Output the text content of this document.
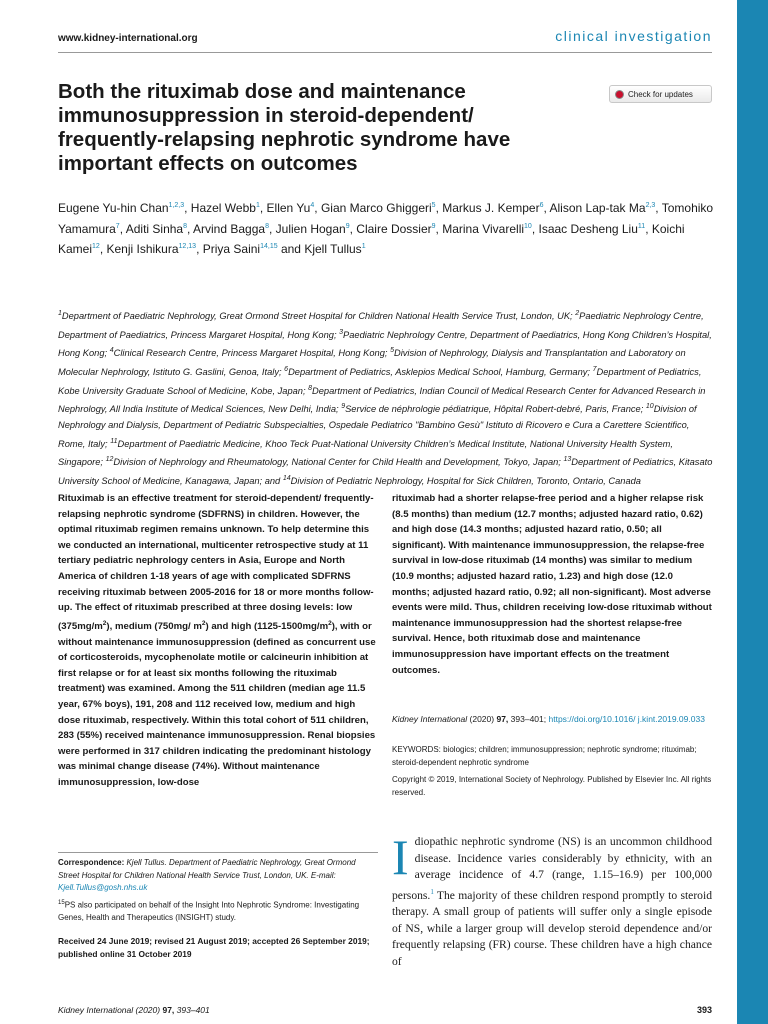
www.kidney-international.org	clinical investigation
Both the rituximab dose and maintenance immunosuppression in steroid-dependent/ frequently-relapsing nephrotic syndrome have important effects on outcomes
Check for updates

Eugene Yu-hin Chan$^{1,2,3}$, Hazel Webb$^1$, Ellen Yu$^4$, Gian Marco Ghiggeri$^5$, Markus J. Kemper$^6$, Alison Lap-tak Ma$^{2,3}$, Tomohiko Yamamura$^7$, Aditi Sinha$^8$, Arvind Bagga$^8$, Julien Hogan$^9$, Claire Dossier$^9$, Marina Vivarelli$^{10}$, Isaac Desheng Liu$^{11}$, Koichi Kamei$^{12}$, Kenji Ishikura$^{12,13}$, Priya Saini$^{14,15}$ and Kjell Tullus$^1$

$^1$Department of Paediatric Nephrology, Great Ormond Street Hospital for Children National Health Service Trust, London, UK; $^2$Paediatric Nephrology Centre, Department of Paediatrics, Princess Margaret Hospital, Hong Kong; $^3$Paediatric Nephrology Centre, Department of Paediatrics, Hong Kong Children’s Hospital, Hong Kong; $^4$Clinical Research Centre, Princess Margaret Hospital, Hong Kong; $^5$Division of Nephrology, Dialysis and Transplantation and Laboratory on Molecular Nephrology, Istituto G. Gaslini, Genoa, Italy; $^6$Department of Pediatrics, Asklepios Medical School, Hamburg, Germany; $^7$Department of Pediatrics, Kobe University Graduate School of Medicine, Kobe, Japan; $^8$Department of Pediatrics, Indian Council of Medical Research Center for Advanced Research in Nephrology, All India Institute of Medical Sciences, New Delhi, India; $^9$Service de néphrologie pédiatrique, Hôpital Robert-debré, Paris, France; $^{10}$Division of Nephrology and Dialysis, Department of Pediatric Subspecialties, Ospedale Pediatrico "Bambino Gesù" Istituto di Ricovero e Cura a Carettere Scientifico, Rome, Italy; $^{11}$Department of Paediatric Medicine, Khoo Teck Puat-National University Children’s Medical Institute, National University Health System, Singapore; $^{12}$Division of Nephrology and Rheumatology, National Center for Child Health and Development, Tokyo, Japan; $^{13}$Department of Pediatrics, Kitasato University School of Medicine, Kanagawa, Japan; and $^{14}$Division of Pediatric Nephrology, Hospital for Sick Children, Toronto, Ontario, Canada

Rituximab is an effective treatment for steroid-dependent/ frequently-relapsing nephrotic syndrome (SDFRNS) in children. However, the optimal rituximab regimen remains unknown. To help determine this we conducted an international, multicenter retrospective study at 11 tertiary pediatric nephrology centers in Asia, Europe and North America of children 1-18 years of age with complicated SDFRNS receiving rituximab between 2005-2016 for 18 or more months follow-up. The effect of rituximab prescribed at three dosing levels: low $(375mg/m^2)$, medium (750mg/ $m^2$) and high $(1125-1500mg/m^2)$, with or without maintenance immunosuppression (defined as concurrent use of corticosteroids, mycophenolate motile or calcineurin inhibition at first relapse or for at least six months following the rituximab treatment) was examined. Among the 511 children (median age 11.5 year, 67% boys), 191, 208 and 112 received low, medium and high dose rituximab, respectively. Within this total cohort of 511 children, 283 (55%) received maintenance immunosuppression. Renal biopsies were performed in 317 children indicating the predominant histology was minimal change disease (74%). Without maintenance immunosuppression, low-dose

rituximab had a shorter relapse-free period and a higher relapse risk (8.5 months) than medium (12.7 months; adjusted hazard ratio, 0.62) and high dose (14.3 months; adjusted hazard ratio, 0.50; all significant). With maintenance immunosuppression, the relapse-free survival in low-dose rituximab (14 months) was similar to medium (10.9 months; adjusted hazard ratio, 1.23) and high dose (12.0 months; adjusted hazard ratio, 0.92; all non-significant). Most adverse events were mild. Thus, children receiving low-dose rituximab without maintenance immunosuppression had the shortest relapse-free survival. Hence, both rituximab dose and maintenance immunosuppression have important effects on the treatment outcomes.

Kidney International (2020) 97, 393–401; https://doi.org/10.1016/ j.kint.2019.09.033

KEYWORDS: biologics; children; immunosuppression; nephrotic syndrome; rituximab; steroid-dependent nephrotic syndrome

Copyright © 2019, International Society of Nephrology. Published by Elsevier Inc. All rights reserved.

Correspondence: Kjell Tullus. Department of Paediatric Nephrology, Great Ormond Street Hospital for Children National Health Service Trust, London, UK. E-mail: Kjell.Tullus@gosh.nhs.uk

$^{15}$PS also participated on behalf of the Insight Into Nephrotic Syndrome: Investigating Genes, Health and Therapeutics (INSIGHT) study.

Received 24 June 2019; revised 21 August 2019; accepted 26 September 2019; published online 31 October 2019

Idiopathic nephrotic syndrome (NS) is an uncommon childhood disease. Incidence varies considerably by ethnicity, with an average incidence of 4.7 (range, 1.15–16.9) per 100,000 persons.$^1$ The majority of these children respond promptly to steroid therapy. A small group of patients will suffer only a single episode of NS, while a larger group will develop steroid dependence and/or frequently relapsing (FR) course. These children have a high chance of

Kidney International (2020) 97, 393–401	393
